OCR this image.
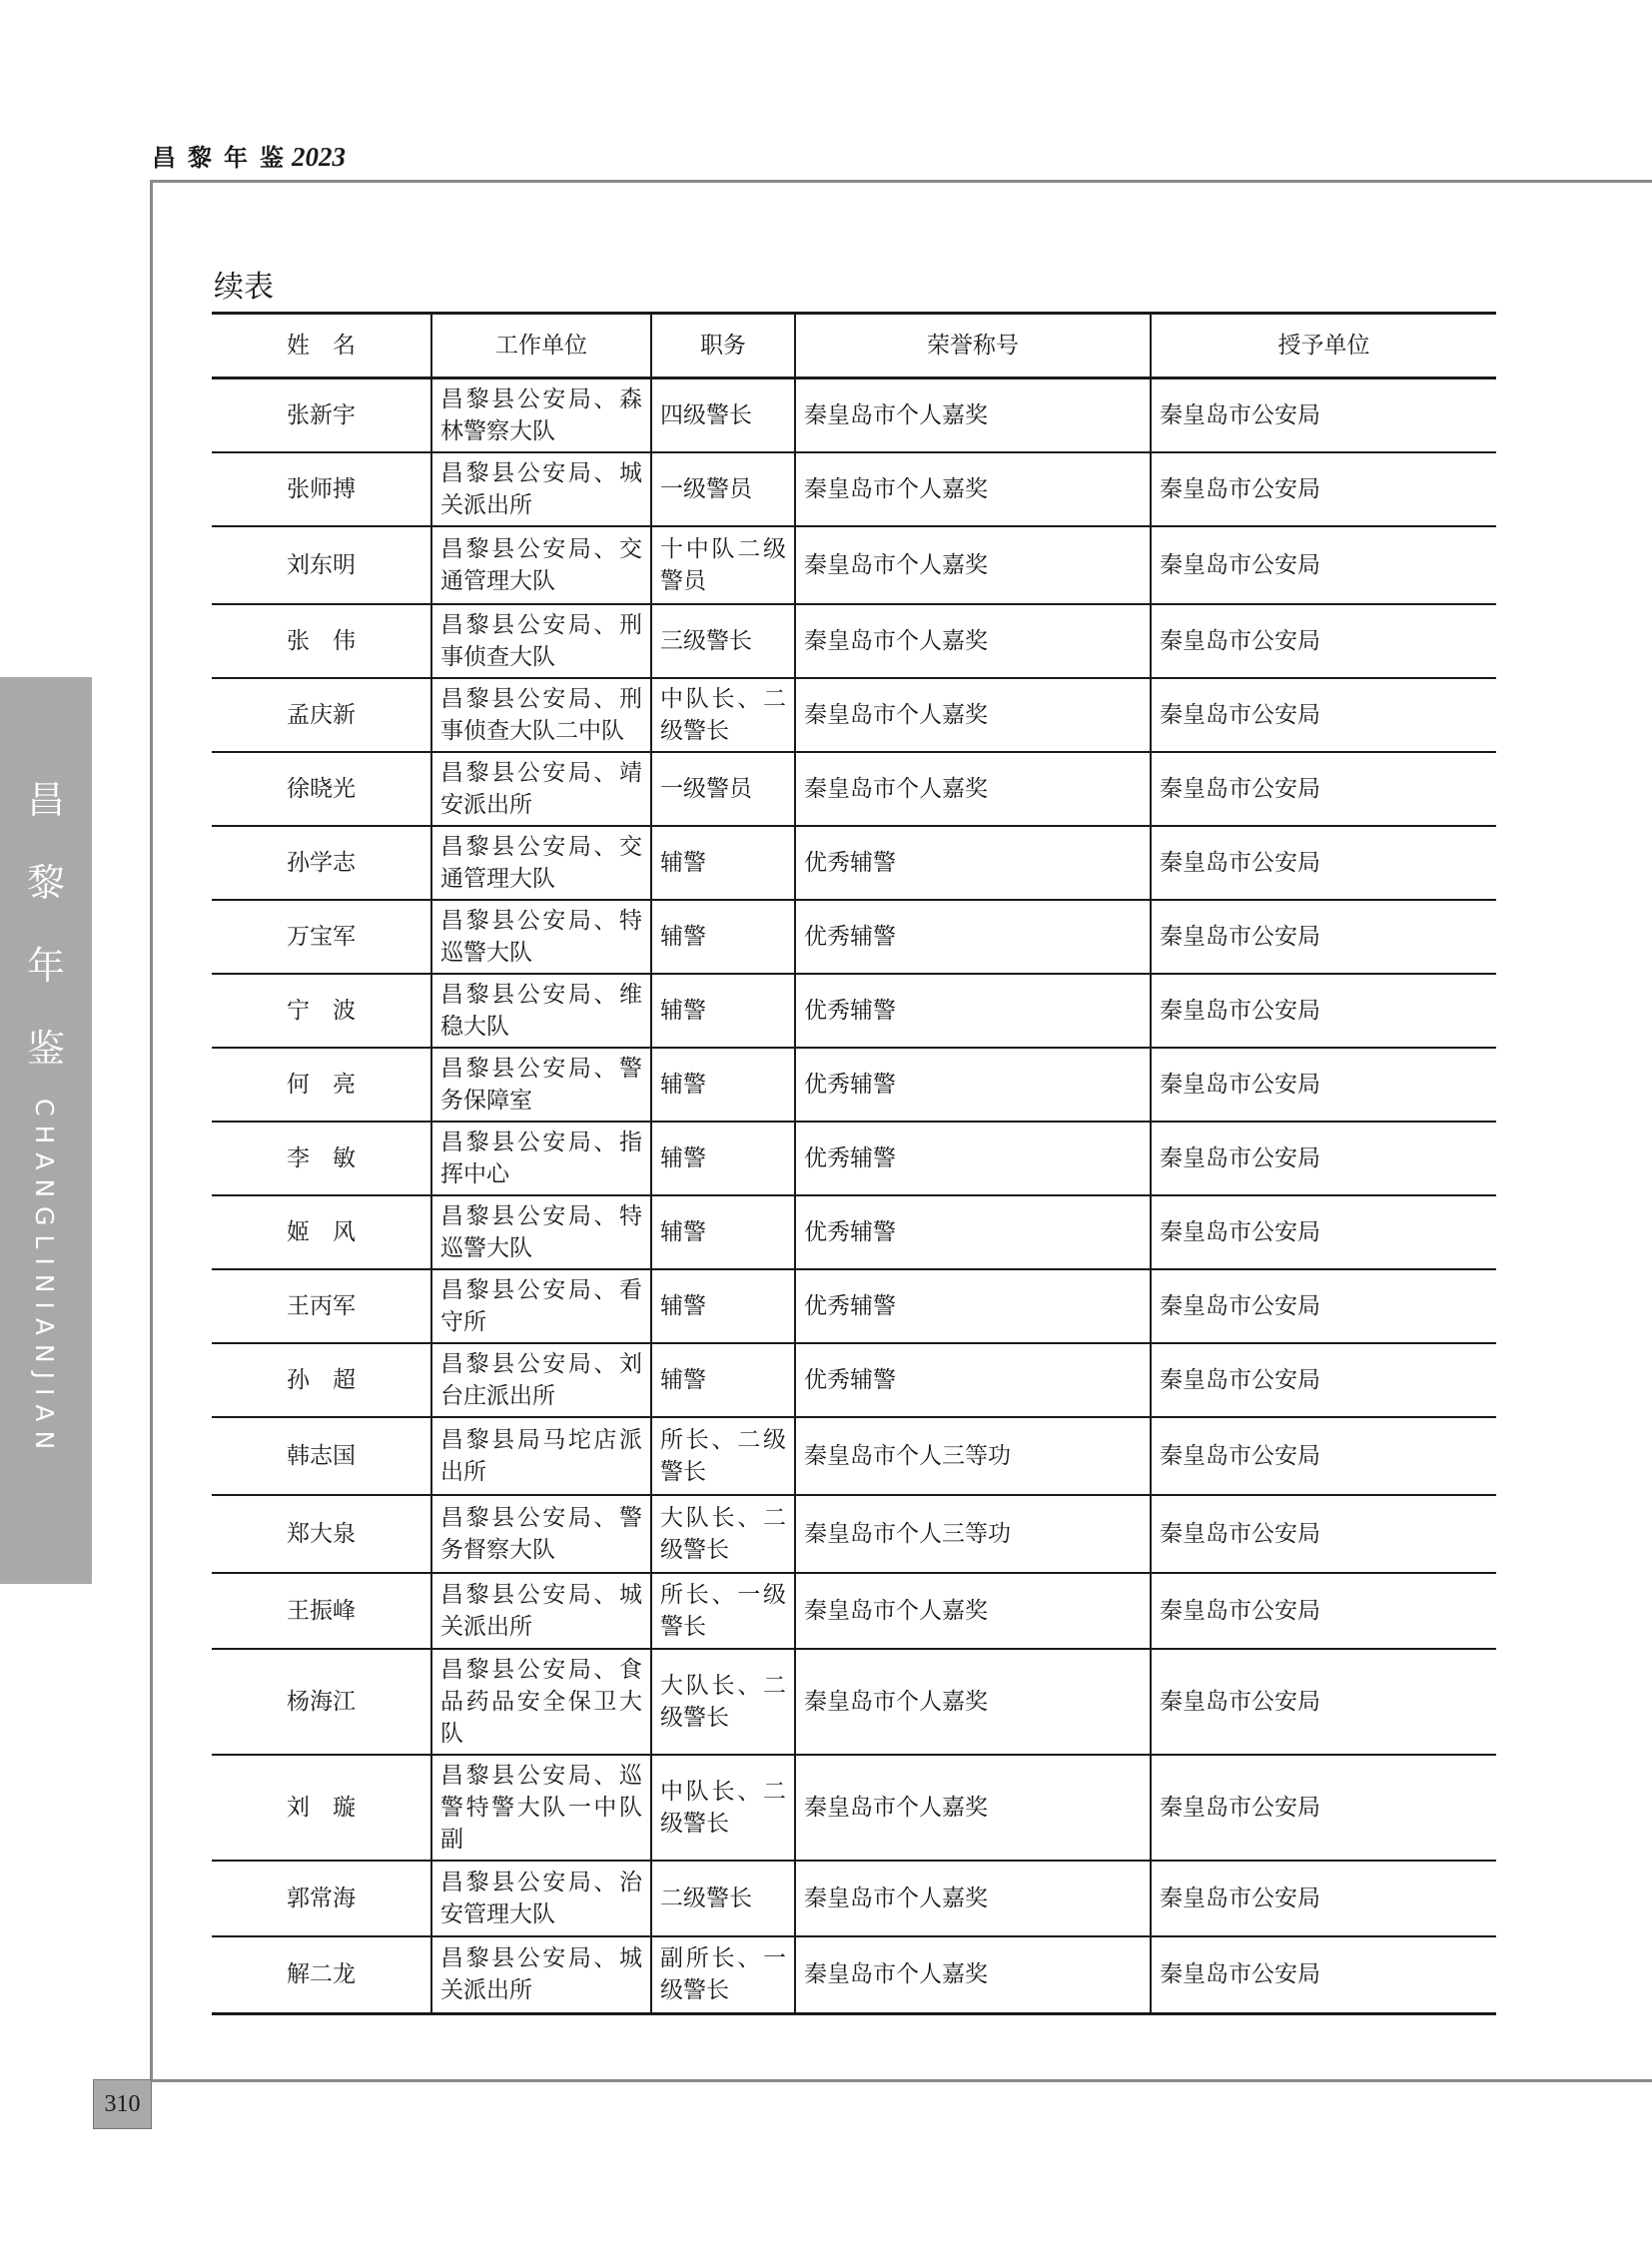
昌黎年鉴2023
昌
黎
年
鉴
CHANGLINIANJIAN
310
续表
姓　名	工作单位	职务	荣誉称号	授予单位
张新宇	昌黎县公安局、森林警察大队	四级警长	秦皇岛市个人嘉奖	秦皇岛市公安局
张师搏	昌黎县公安局、城关派出所	一级警员	秦皇岛市个人嘉奖	秦皇岛市公安局
刘东明	昌黎县公安局、交通管理大队	十中队二级警员	秦皇岛市个人嘉奖	秦皇岛市公安局
张　伟	昌黎县公安局、刑事侦查大队	三级警长	秦皇岛市个人嘉奖	秦皇岛市公安局
孟庆新	昌黎县公安局、刑事侦查大队二中队	中队长、二级警长	秦皇岛市个人嘉奖	秦皇岛市公安局
徐晓光	昌黎县公安局、靖安派出所	一级警员	秦皇岛市个人嘉奖	秦皇岛市公安局
孙学志	昌黎县公安局、交通管理大队	辅警	优秀辅警	秦皇岛市公安局
万宝军	昌黎县公安局、特巡警大队	辅警	优秀辅警	秦皇岛市公安局
宁　波	昌黎县公安局、维稳大队	辅警	优秀辅警	秦皇岛市公安局
何　亮	昌黎县公安局、警务保障室	辅警	优秀辅警	秦皇岛市公安局
李　敏	昌黎县公安局、指挥中心	辅警	优秀辅警	秦皇岛市公安局
姬　风	昌黎县公安局、特巡警大队	辅警	优秀辅警	秦皇岛市公安局
王丙军	昌黎县公安局、看守所	辅警	优秀辅警	秦皇岛市公安局
孙　超	昌黎县公安局、刘台庄派出所	辅警	优秀辅警	秦皇岛市公安局
韩志国	昌黎县局马坨店派出所	所长、二级警长	秦皇岛市个人三等功	秦皇岛市公安局
郑大泉	昌黎县公安局、警务督察大队	大队长、二级警长	秦皇岛市个人三等功	秦皇岛市公安局
王振峰	昌黎县公安局、城关派出所	所长、一级警长	秦皇岛市个人嘉奖	秦皇岛市公安局
杨海江	昌黎县公安局、食品药品安全保卫大队	大队长、二级警长	秦皇岛市个人嘉奖	秦皇岛市公安局
刘　璇	昌黎县公安局、巡警特警大队一中队副	中队长、二级警长	秦皇岛市个人嘉奖	秦皇岛市公安局
郭常海	昌黎县公安局、治安管理大队	二级警长	秦皇岛市个人嘉奖	秦皇岛市公安局
解二龙	昌黎县公安局、城关派出所	副所长、一级警长	秦皇岛市个人嘉奖	秦皇岛市公安局
